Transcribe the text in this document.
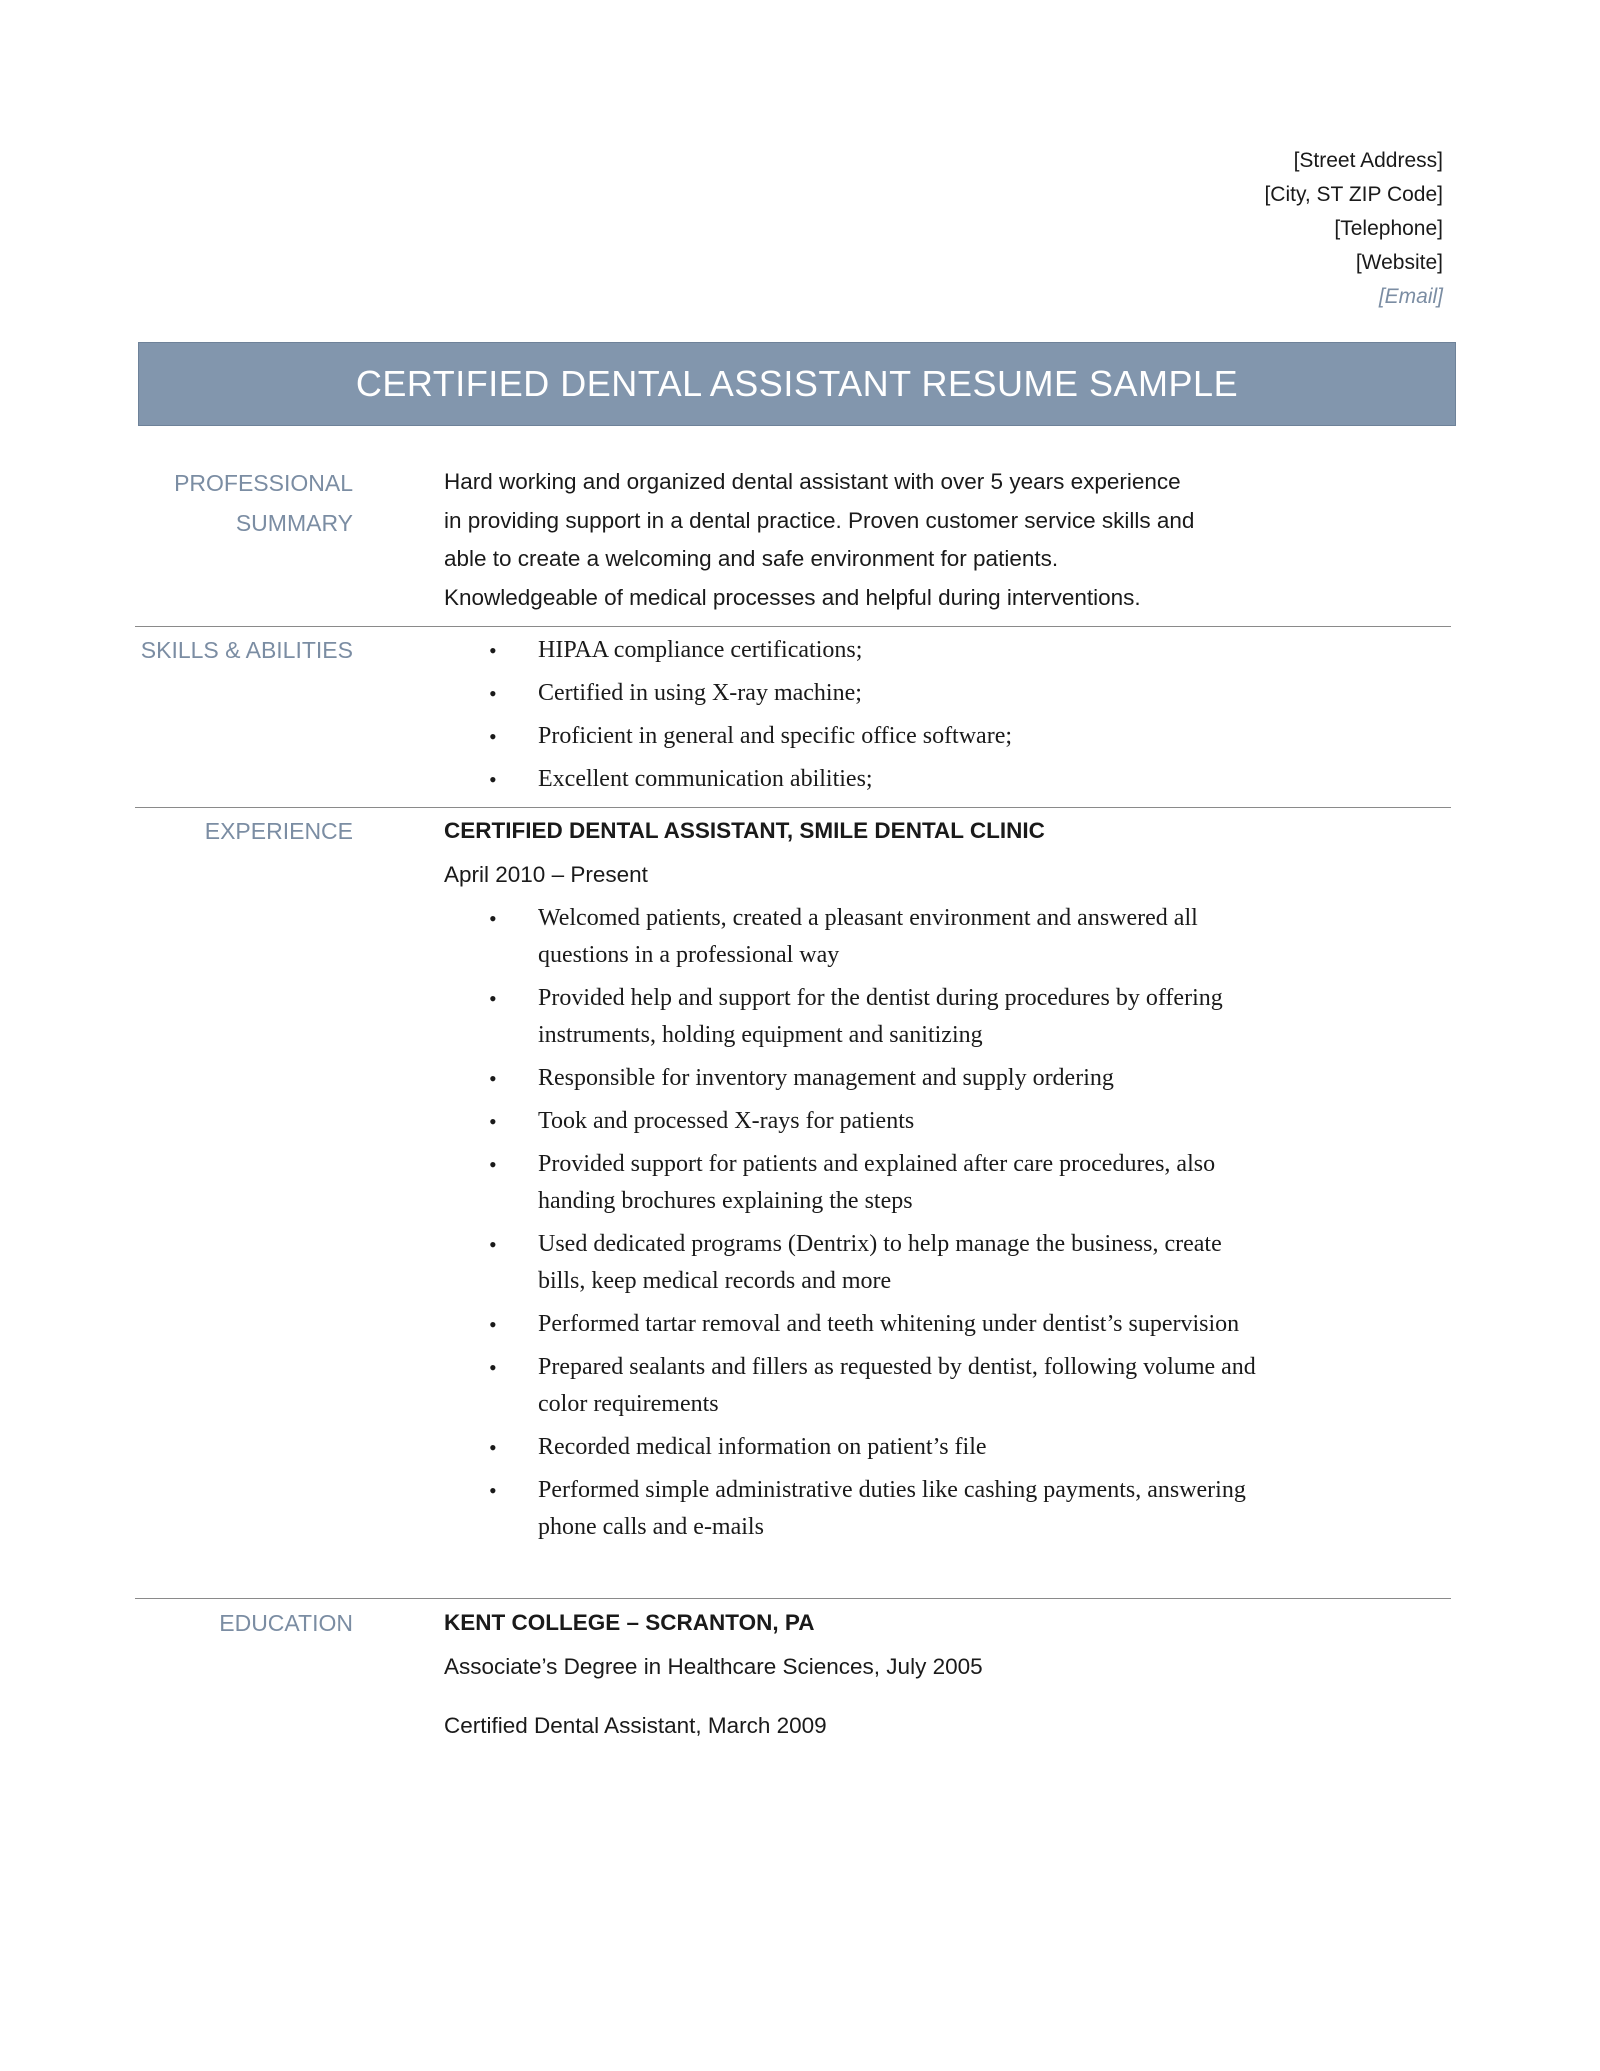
[Street Address]
[City, ST ZIP Code]
[Telephone]
[Website]
[Email]
CERTIFIED DENTAL ASSISTANT RESUME SAMPLE
PROFESSIONAL
SUMMARY
Hard working and organized dental assistant with over 5 years experience
in providing support in a dental practice. Proven customer service skills and
able to create a welcoming and safe environment for patients.
Knowledgeable of medical processes and helpful during interventions.
SKILLS & ABILITIES	• HIPAA compliance certifications;
• Certified in using X-ray machine;
• Proficient in general and specific office software;
• Excellent communication abilities;
EXPERIENCE	CERTIFIED DENTAL ASSISTANT, SMILE DENTAL CLINIC
April 2010 – Present
• Welcomed patients, created a pleasant environment and answered all questions in a professional way
• Provided help and support for the dentist during procedures by offering instruments, holding equipment and sanitizing
• Responsible for inventory management and supply ordering
• Took and processed X-rays for patients
• Provided support for patients and explained after care procedures, also handing brochures explaining the steps
• Used dedicated programs (Dentrix) to help manage the business, create bills, keep medical records and more
• Performed tartar removal and teeth whitening under dentist’s supervision
• Prepared sealants and fillers as requested by dentist, following volume and color requirements
• Recorded medical information on patient’s file
• Performed simple administrative duties like cashing payments, answering phone calls and e-mails
EDUCATION	KENT COLLEGE – SCRANTON, PA
Associate’s Degree in Healthcare Sciences, July 2005
Certified Dental Assistant, March 2009
